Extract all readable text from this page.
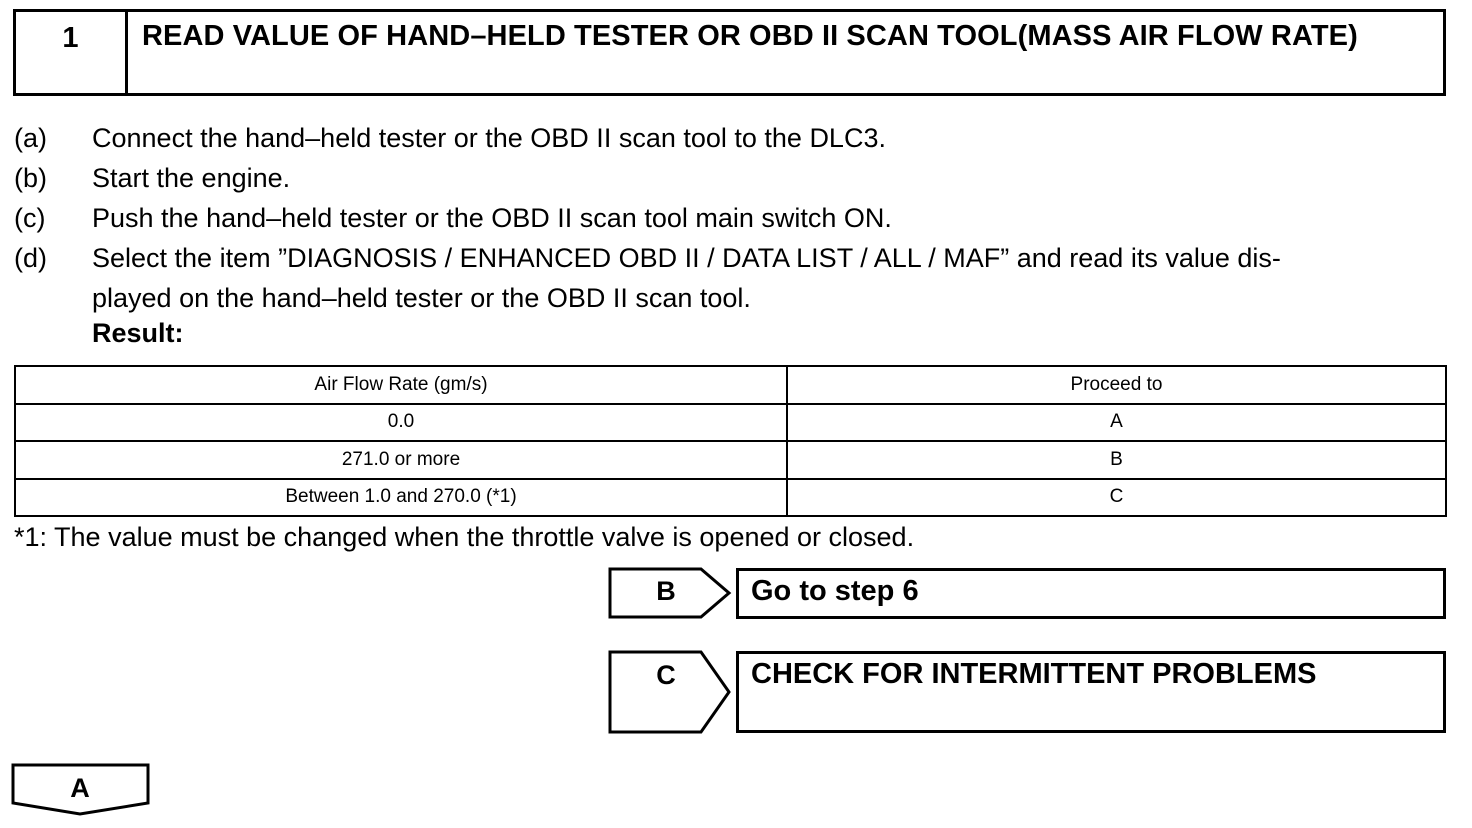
1	READ VALUE OF HAND–HELD TESTER OR OBD II SCAN TOOL(MASS AIR FLOW RATE)
(a)	Connect the hand–held tester or the OBD II scan tool to the DLC3.
(b)	Start the engine.
(c)	Push the hand–held tester or the OBD II scan tool main switch ON.
(d)	Select the item ”DIAGNOSIS / ENHANCED OBD II / DATA LIST / ALL / MAF” and read its value dis-
played on the hand–held tester or the OBD II scan tool.
Result:
Air Flow Rate (gm/s)	Proceed to
0.0	A
271.0 or more	B
Between 1.0 and 270.0 (*1)	C
*1: The value must be changed when the throttle valve is opened or closed.
B	Go to step 6
C	CHECK FOR INTERMITTENT PROBLEMS
A
